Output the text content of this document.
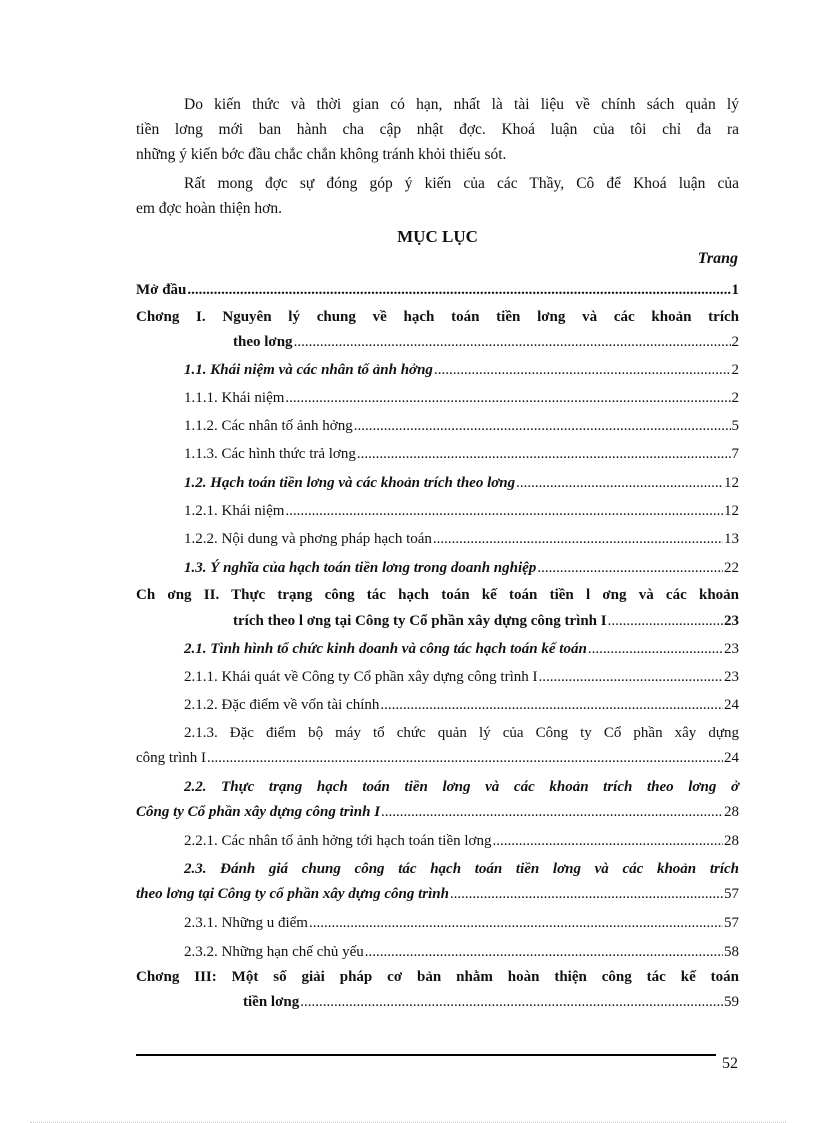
Do kiến thức và thời gian có hạn, nhất là tài liệu về chính sách quản lý
tiền lơng mới ban hành cha cập nhật đợc. Khoá luận của tôi chỉ đa ra
những ý kiến bớc đầu chắc chắn không tránh khỏi thiếu sót.
Rất mong đợc sự đóng góp ý kiến của các Thầy, Cô để Khoá luận của
em đợc hoàn thiện hơn.
MỤC LỤC
Trang
Mở đầu .....	1
Chơng I. Nguyên lý chung về hạch toán tiền lơng và các khoản trích
theo lơng .....	2
1.1. Khái niệm và các nhân tố ảnh hởng .....	2
1.1.1. Khái niệm .....	2
1.1.2. Các nhân tố ảnh hởng .....	5
1.1.3. Các hình thức trả lơng .....	7
1.2. Hạch toán tiền lơng và các khoản trích theo lơng .....	12
1.2.1. Khái niệm .....	12
1.2.2. Nội dung và phơng pháp hạch toán .....	13
1.3. Ý nghĩa của hạch toán tiền lơng trong doanh nghiệp .....	22
Ch ơng II. Thực trạng công tác hạch toán kế toán tiền l ơng và các khoản
trích theo l ơng tại Công ty Cổ phần xây dựng công trình I .....	23
2.1. Tình hình tổ chức kinh doanh và công tác hạch toán kế toán .....	23
2.1.1. Khái quát về Công ty Cổ phần xây dựng công trình I .....	23
2.1.2. Đặc điểm về vốn tài chính .....	24
2.1.3. Đặc điểm bộ máy tổ chức quản lý của Công ty Cổ phần xây dựng
công trình I .....	24
2.2. Thực trạng hạch toán tiền lơng và các khoản trích theo lơng ở
Công ty Cổ phần xây dựng công trình I .....	28
2.2.1. Các nhân tố ảnh hởng tới hạch toán tiền lơng .....	28
2.3. Đánh giá chung công tác hạch toán tiền lơng và các khoản trích
theo lơng tại Công ty cổ phần xây dựng công trình .....	57
2.3.1. Những u điểm .....	57
2.3.2. Những hạn chế chủ yếu .....	58
Chơng III: Một số giải pháp cơ bản nhằm hoàn thiện công tác kế toán
tiền lơng .....	59
52
